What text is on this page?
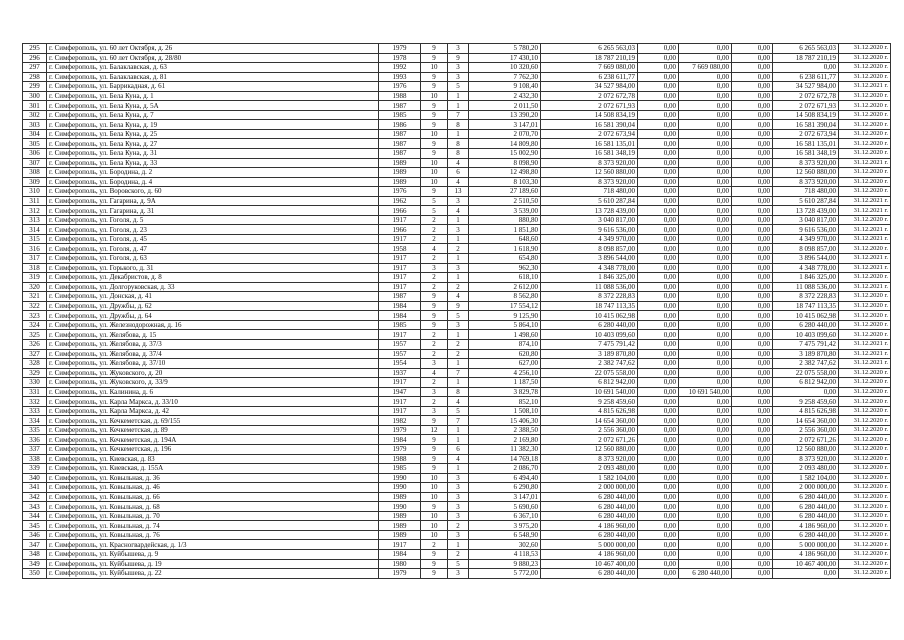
295	г. Симферополь, ул. 60 лет Октября, д. 26	1979	9	3	5 780,20	6 265 563,03	0,00	0,00	0,00	6 265 563,03	31.12.2020 г.
296	г. Симферополь, ул. 60 лет Октября, д. 28/80	1978	9	9	17 430,10	18 787 210,19	0,00	0,00	0,00	18 787 210,19	31.12.2020 г.
297	г. Симферополь, ул. Балаклавская, д. 63	1992	10	3	10 320,60	7 669 080,00	0,00	7 669 080,00	0,00	0,00	31.12.2020 г.
298	г. Симферополь, ул. Балаклавская, д. 81	1993	9	3	7 762,30	6 238 611,77	0,00	0,00	0,00	6 238 611,77	31.12.2020 г.
299	г. Симферополь, ул. Баррикадная, д. 61	1976	9	5	9 108,40	34 527 984,00	0,00	0,00	0,00	34 527 984,00	31.12.2021 г.
300	г. Симферополь, ул. Бела Куна, д. 1	1988	10	1	2 432,30	2 072 672,78	0,00	0,00	0,00	2 072 672,78	31.12.2020 г.
301	г. Симферополь, ул. Бела Куна, д. 5А	1987	9	1	2 011,50	2 072 671,93	0,00	0,00	0,00	2 072 671,93	31.12.2020 г.
302	г. Симферополь, ул. Бела Куна, д. 7	1985	9	7	13 390,20	14 508 834,19	0,00	0,00	0,00	14 508 834,19	31.12.2020 г.
303	г. Симферополь, ул. Бела Куна, д. 19	1986	9	8	3 147,01	16 581 390,04	0,00	0,00	0,00	16 581 390,04	31.12.2020 г.
304	г. Симферополь, ул. Бела Куна, д. 25	1987	10	1	2 070,70	2 072 673,94	0,00	0,00	0,00	2 072 673,94	31.12.2020 г.
305	г. Симферополь, ул. Бела Куна, д. 27	1987	9	8	14 809,80	16 581 135,01	0,00	0,00	0,00	16 581 135,01	31.12.2020 г.
306	г. Симферополь, ул. Бела Куна, д. 31	1987	9	8	15 002,90	16 581 348,19	0,00	0,00	0,00	16 581 348,19	31.12.2020 г.
307	г. Симферополь, ул. Бела Куна, д. 33	1989	10	4	8 098,90	8 373 920,00	0,00	0,00	0,00	8 373 920,00	31.12.2021 г.
308	г. Симферополь, ул. Бородина, д. 2	1989	10	6	12 498,80	12 560 880,00	0,00	0,00	0,00	12 560 880,00	31.12.2020 г.
309	г. Симферополь, ул. Бородина, д. 4	1989	10	4	8 103,30	8 373 920,00	0,00	0,00	0,00	8 373 920,00	31.12.2020 г.
310	г. Симферополь, ул. Воровского, д. 60	1976	9	13	27 189,60	718 480,00	0,00	0,00	0,00	718 480,00	31.12.2020 г.
311	г. Симферополь, ул. Гагарина, д. 9А	1962	5	3	2 510,50	5 610 287,84	0,00	0,00	0,00	5 610 287,84	31.12.2021 г.
312	г. Симферополь, ул. Гагарина, д. 31	1966	5	4	3 539,00	13 728 439,00	0,00	0,00	0,00	13 728 439,00	31.12.2021 г.
313	г. Симферополь, ул. Гоголя, д. 5	1917	2	1	880,80	3 040 817,00	0,00	0,00	0,00	3 040 817,00	31.12.2020 г.
314	г. Симферополь, ул. Гоголя, д. 23	1966	2	3	1 851,80	9 616 536,00	0,00	0,00	0,00	9 616 536,00	31.12.2021 г.
315	г. Симферополь, ул. Гоголя, д. 45	1917	2	1	648,60	4 349 970,00	0,00	0,00	0,00	4 349 970,00	31.12.2021 г.
316	г. Симферополь, ул. Гоголя, д. 47	1958	4	2	1 618,90	8 098 857,00	0,00	0,00	0,00	8 098 857,00	31.12.2020 г.
317	г. Симферополь, ул. Гоголя, д. 63	1917	2	1	654,80	3 896 544,00	0,00	0,00	0,00	3 896 544,00	31.12.2021 г.
318	г. Симферополь, ул. Горького, д. 31	1917	3	3	962,30	4 348 778,00	0,00	0,00	0,00	4 348 778,00	31.12.2021 г.
319	г. Симферополь, ул. Декабристов, д. 8	1917	2	1	618,10	1 846 325,00	0,00	0,00	0,00	1 846 325,00	31.12.2020 г.
320	г. Симферополь, ул. Долгоруковская, д. 33	1917	2	2	2 612,00	11 088 536,00	0,00	0,00	0,00	11 088 536,00	31.12.2021 г.
321	г. Симферополь, ул. Донская, д. 41	1987	9	4	8 562,80	8 372 228,83	0,00	0,00	0,00	8 372 228,83	31.12.2020 г.
322	г. Симферополь, ул. Дружбы, д. 62	1984	9	9	17 554,12	18 747 113,35	0,00	0,00	0,00	18 747 113,35	31.12.2020 г.
323	г. Симферополь, ул. Дружбы, д. 64	1984	9	5	9 125,90	10 415 062,98	0,00	0,00	0,00	10 415 062,98	31.12.2020 г.
324	г. Симферополь, ул. Железнодорожная, д. 16	1985	9	3	5 864,10	6 280 440,00	0,00	0,00	0,00	6 280 440,00	31.12.2020 г.
325	г. Симферополь, ул. Желябова, д. 15	1917	2	1	1 498,60	10 403 099,60	0,00	0,00	0,00	10 403 099,60	31.12.2020 г.
326	г. Симферополь, ул. Желябова, д. 37/3	1957	2	2	874,10	7 475 791,42	0,00	0,00	0,00	7 475 791,42	31.12.2021 г.
327	г. Симферополь, ул. Желябова, д. 37/4	1957	2	2	620,80	3 189 870,80	0,00	0,00	0,00	3 189 870,80	31.12.2021 г.
328	г. Симферополь, ул. Желябова, д. 37/10	1954	3	1	627,00	2 382 747,62	0,00	0,00	0,00	2 382 747,62	31.12.2021 г.
329	г. Симферополь, ул. Жуковского, д. 20	1937	4	7	4 256,10	22 075 558,00	0,00	0,00	0,00	22 075 558,00	31.12.2020 г.
330	г. Симферополь, ул. Жуковского, д. 33/9	1917	2	1	1 187,50	6 812 942,00	0,00	0,00	0,00	6 812 942,00	31.12.2020 г.
331	г. Симферополь, ул. Калинина, д. 6	1947	3	8	3 829,78	10 691 540,00	0,00	10 691 540,00	0,00	0,00	31.12.2020 г.
332	г. Симферополь, ул. Карла Маркса, д. 33/10	1917	2	4	852,10	9 258 459,60	0,00	0,00	0,00	9 258 459,60	31.12.2020 г.
333	г. Симферополь, ул. Карла Маркса, д. 42	1917	3	5	1 508,10	4 815 626,98	0,00	0,00	0,00	4 815 626,98	31.12.2020 г.
334	г. Симферополь, ул. Кечкеметская, д. 69/155	1982	9	7	15 406,30	14 654 360,00	0,00	0,00	0,00	14 654 360,00	31.12.2020 г.
335	г. Симферополь, ул. Кечкеметская, д. 89	1979	12	1	2 388,50	2 556 360,00	0,00	0,00	0,00	2 556 360,00	31.12.2020 г.
336	г. Симферополь, ул. Кечкеметская, д. 194А	1984	9	1	2 169,80	2 072 671,26	0,00	0,00	0,00	2 072 671,26	31.12.2020 г.
337	г. Симферополь, ул. Кечкеметская, д. 196	1979	9	6	11 382,30	12 560 880,00	0,00	0,00	0,00	12 560 880,00	31.12.2020 г.
338	г. Симферополь, ул. Киевская, д. 83	1988	9	4	14 769,18	8 373 920,00	0,00	0,00	0,00	8 373 920,00	31.12.2020 г.
339	г. Симферополь, ул. Киевская, д. 155А	1985	9	1	2 086,70	2 093 480,00	0,00	0,00	0,00	2 093 480,00	31.12.2020 г.
340	г. Симферополь, ул. Ковыльная, д. 36	1990	10	3	6 494,40	1 582 104,00	0,00	0,00	0,00	1 582 104,00	31.12.2020 г.
341	г. Симферополь, ул. Ковыльная, д. 46	1990	10	3	6 290,80	2 000 000,00	0,00	0,00	0,00	2 000 000,00	31.12.2020 г.
342	г. Симферополь, ул. Ковыльная, д. 66	1989	10	3	3 147,01	6 280 440,00	0,00	0,00	0,00	6 280 440,00	31.12.2020 г.
343	г. Симферополь, ул. Ковыльная, д. 68	1990	9	3	5 690,60	6 280 440,00	0,00	0,00	0,00	6 280 440,00	31.12.2020 г.
344	г. Симферополь, ул. Ковыльная, д. 70	1989	10	3	6 367,10	6 280 440,00	0,00	0,00	0,00	6 280 440,00	31.12.2020 г.
345	г. Симферополь, ул. Ковыльная, д. 74	1989	10	2	3 975,20	4 186 960,00	0,00	0,00	0,00	4 186 960,00	31.12.2020 г.
346	г. Симферополь, ул. Ковыльная, д. 76	1989	10	3	6 548,90	6 280 440,00	0,00	0,00	0,00	6 280 440,00	31.12.2020 г.
347	г. Симферополь, ул. Красногвардейская, д. 1/3	1917	2	1	302,60	5 000 000,00	0,00	0,00	0,00	5 000 000,00	31.12.2020 г.
348	г. Симферополь, ул. Куйбышева, д. 9	1984	9	2	4 118,53	4 186 960,00	0,00	0,00	0,00	4 186 960,00	31.12.2020 г.
349	г. Симферополь, ул. Куйбышева, д. 19	1980	9	5	9 880,23	10 467 400,00	0,00	0,00	0,00	10 467 400,00	31.12.2020 г.
350	г. Симферополь, ул. Куйбышева, д. 22	1979	9	3	5 772,00	6 280 440,00	0,00	6 280 440,00	0,00	0,00	31.12.2020 г.
